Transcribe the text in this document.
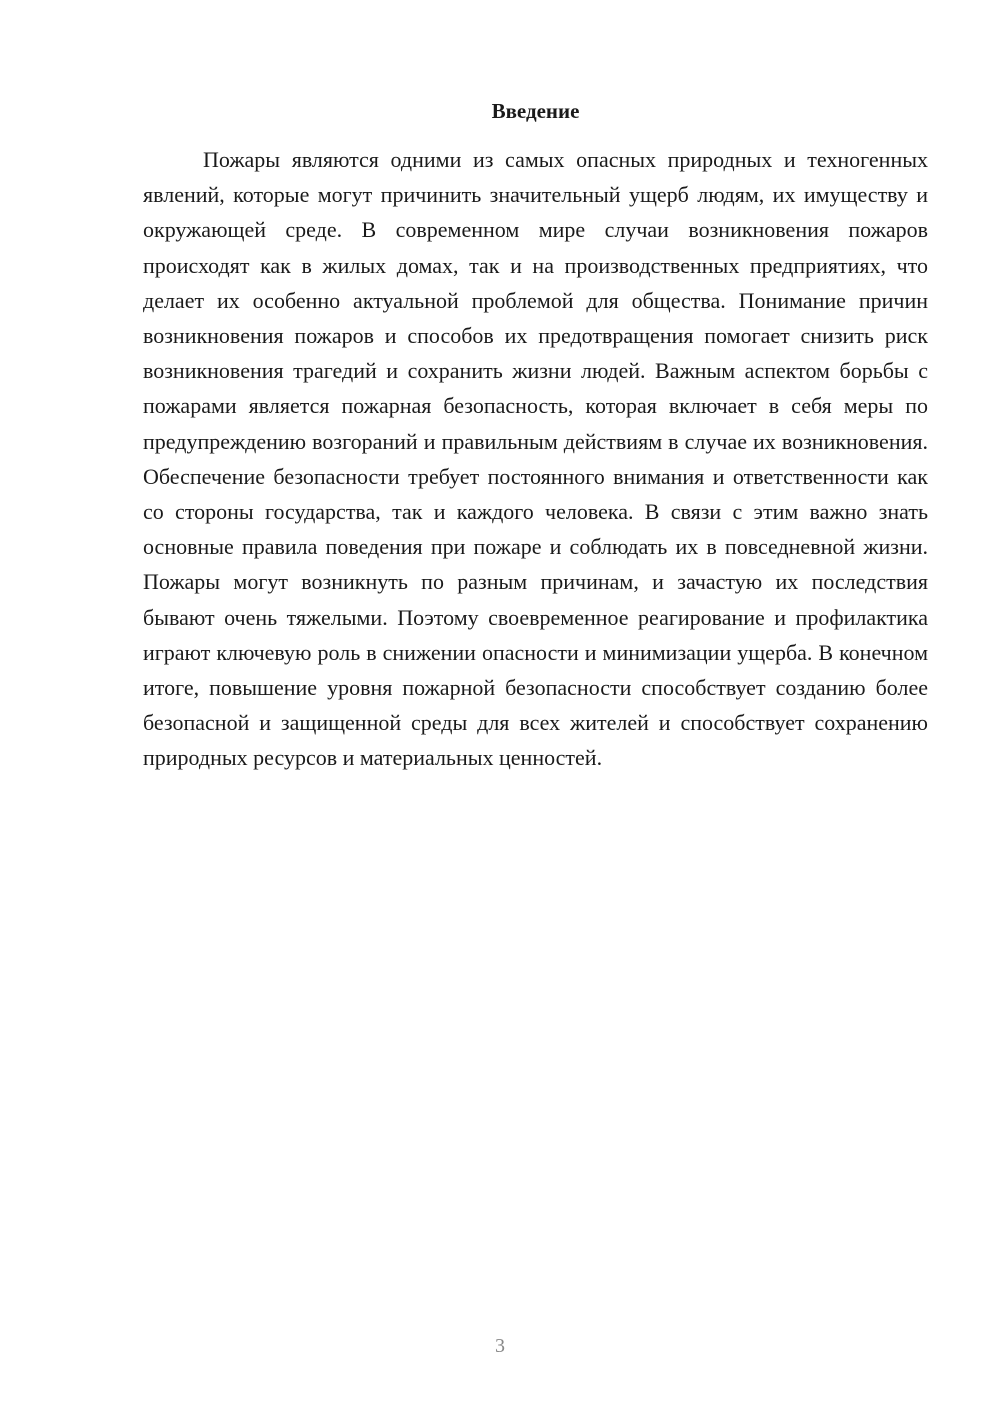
Введение

Пожары являются одними из самых опасных природных и техногенных явлений, которые могут причинить значительный ущерб людям, их имуществу и окружающей среде. В современном мире случаи возникновения пожаров происходят как в жилых домах, так и на производственных предприятиях, что делает их особенно актуальной проблемой для общества. Понимание причин возникновения пожаров и способов их предотвращения помогает снизить риск возникновения трагедий и сохранить жизни людей. Важным аспектом борьбы с пожарами является пожарная безопасность, которая включает в себя меры по предупреждению возгораний и правильным действиям в случае их возникновения. Обеспечение безопасности требует постоянного внимания и ответственности как со стороны государства, так и каждого человека. В связи с этим важно знать основные правила поведения при пожаре и соблюдать их в повседневной жизни. Пожары могут возникнуть по разным причинам, и зачастую их последствия бывают очень тяжелыми. Поэтому своевременное реагирование и профилактика играют ключевую роль в снижении опасности и минимизации ущерба. В конечном итоге, повышение уровня пожарной безопасности способствует созданию более безопасной и защищенной среды для всех жителей и способствует сохранению природных ресурсов и материальных ценностей.

3
